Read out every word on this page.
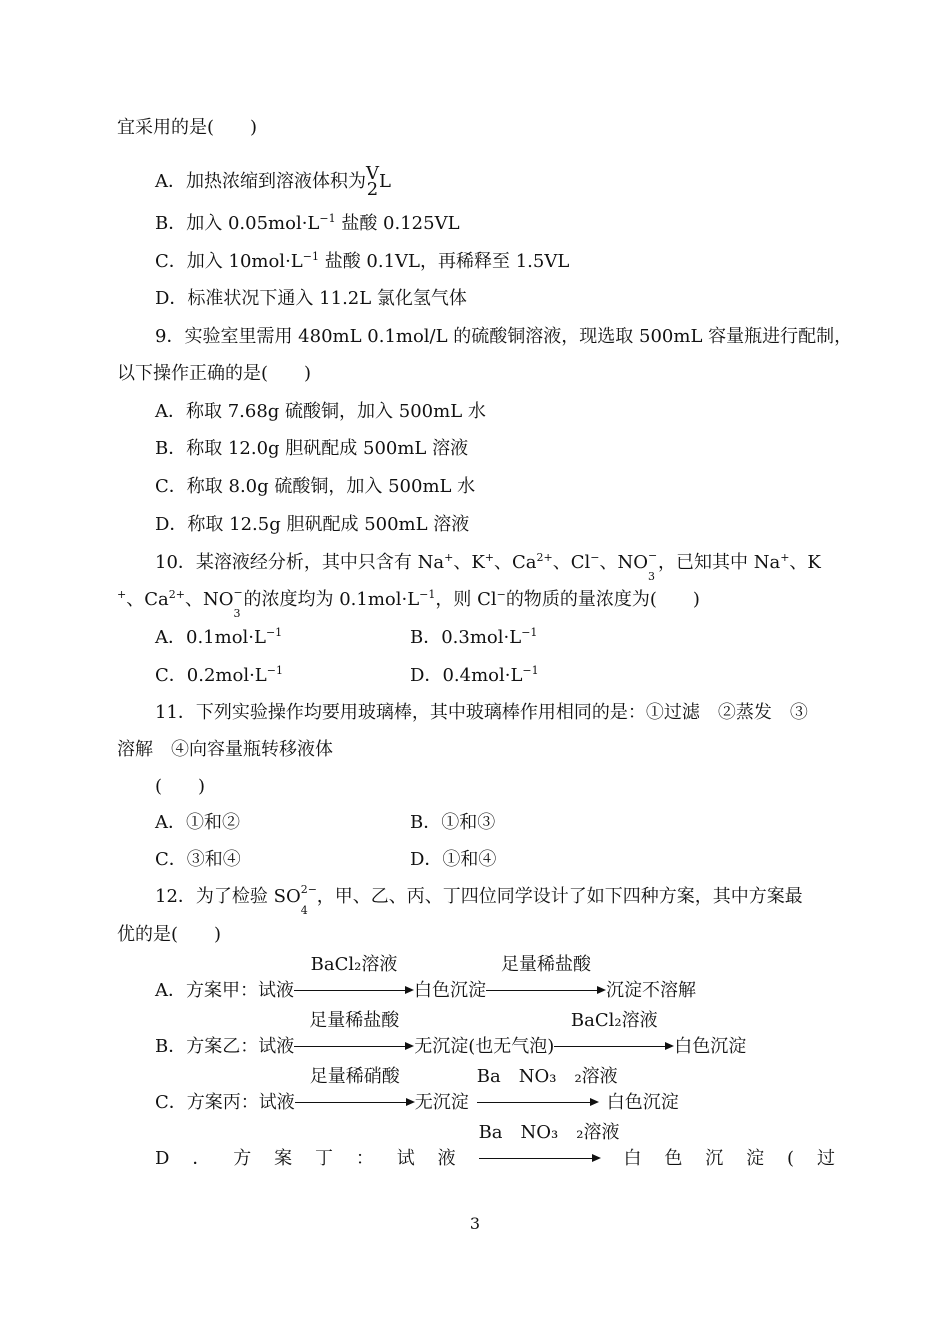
宜采用的是(　　)
A．加热浓缩到溶液体积为 V
2 L
B．加入 $0.05mol\cdot L^{-1}$ 盐酸 0.125VL
C．加入 $10mol\cdot L^{-1}$ 盐酸 0.1VL，再稀释至 1.5VL
D．标准状况下通入 11.2L 氯化氢气体
9．实验室里需用 480mL 0.1mol/L 的硫酸铜溶液，现选取 500mL 容量瓶进行配制，
以下操作正确的是(　　)
A．称取 7.68g 硫酸铜，加入 500mL 水
B．称取 12.0g 胆矾配成 500mL 溶液
C．称取 8.0g 硫酸铜，加入 500mL 水
D．称取 12.5g 胆矾配成 500mL 溶液
10．某溶液经分析，其中只含有 Na+、K+、$Ca^{2+}$、Cl−、NO −
3
，已知其中 Na+、K
+、$Ca^{2+}$、NO −
3
的浓度均为 $0.1mol\cdot L^{-1}$，则 Cl−的物质的量浓度为(　　)
A．$0.1mol\cdot L^{-1}$	B．$0.3mol\cdot L^{-1}$
C．$0.2mol\cdot L^{-1}$	D．$0.4mol\cdot L^{-1}$
11．下列实验操作均要用玻璃棒，其中玻璃棒作用相同的是：①过滤　②蒸发　③
溶解　④向容量瓶转移液体
(　　)
A．①和②	B．①和③
C．③和④	D．①和④
12．为了检验 SO 2−
4
，甲、乙、丙、丁四位同学设计了如下四种方案，其中方案最
优的是(　　)
A．方案甲：试液
BaCl₂溶液
白色沉淀
足量稀盐酸
沉淀不溶解
B．方案乙：试液
足量稀盐酸
无沉淀(也无气泡)
BaCl₂溶液
白色沉淀
C．方案丙：试液
足量稀硝酸
无沉淀
Ba　NO₃　₂溶液
白色沉淀
D ． 方 案 丁 ： 试 液
Ba　NO₃　₂溶液
白 色 沉 淀 ( 过
3
